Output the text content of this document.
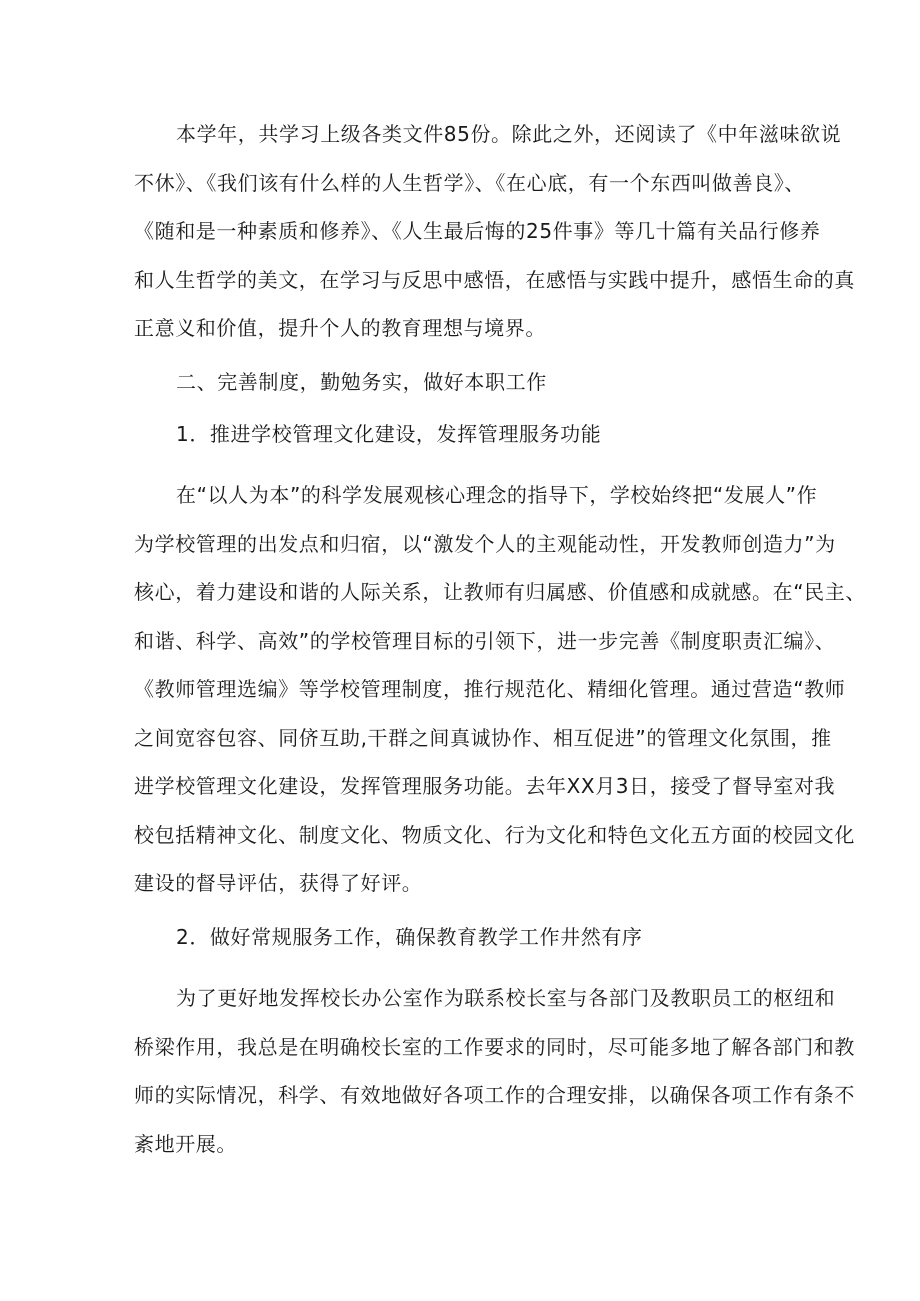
本学年，共学习上级各类文件85份。除此之外，还阅读了《中年滋味欲说
不休》、《我们该有什么样的人生哲学》、《在心底，有一个东西叫做善良》、
《随和是一种素质和修养》、《人生最后悔的25件事》等几十篇有关品行修养
和人生哲学的美文，在学习与反思中感悟，在感悟与实践中提升，感悟生命的真
正意义和价值，提升个人的教育理想与境界。

二、完善制度，勤勉务实，做好本职工作

1．推进学校管理文化建设，发挥管理服务功能

在“以人为本”的科学发展观核心理念的指导下，学校始终把“发展人”作
为学校管理的出发点和归宿，以“激发个人的主观能动性，开发教师创造力”为
核心，着力建设和谐的人际关系，让教师有归属感、价值感和成就感。在“民主、
和谐、科学、高效”的学校管理目标的引领下，进一步完善《制度职责汇编》、
《教师管理选编》等学校管理制度，推行规范化、精细化管理。通过营造“教师
之间宽容包容、同侪互助,干群之间真诚协作、相互促进”的管理文化氛围，推
进学校管理文化建设，发挥管理服务功能。去年XX月3日，接受了督导室对我
校包括精神文化、制度文化、物质文化、行为文化和特色文化五方面的校园文化
建设的督导评估，获得了好评。

2．做好常规服务工作，确保教育教学工作井然有序

为了更好地发挥校长办公室作为联系校长室与各部门及教职员工的枢纽和
桥梁作用，我总是在明确校长室的工作要求的同时，尽可能多地了解各部门和教
师的实际情况，科学、有效地做好各项工作的合理安排，以确保各项工作有条不
紊地开展。
